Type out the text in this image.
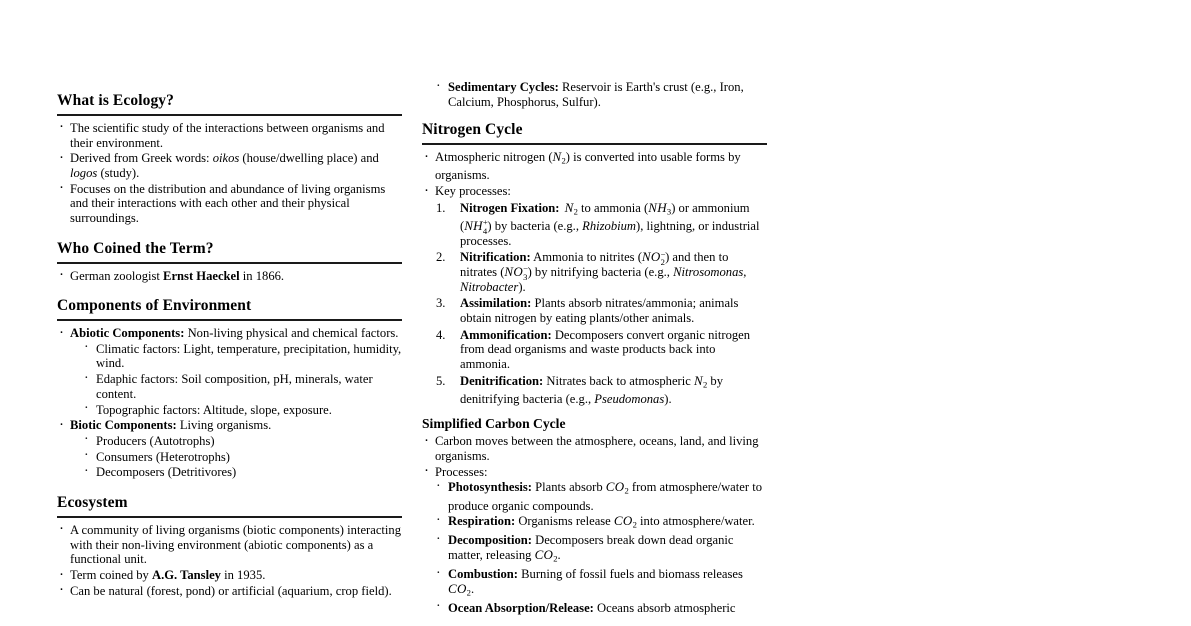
What is Ecology?
· The scientific study of the interactions between organisms and their environment.
· Derived from Greek words: oikos (house/dwelling place) and logos (study).
· Focuses on the distribution and abundance of living organisms and their interactions with each other and their physical surroundings.
Who Coined the Term?
· German zoologist Ernst Haeckel in 1866.
Components of Environment
· Abiotic Components: Non-living physical and chemical factors.
· Climatic factors: Light, temperature, precipitation, humidity, wind.
· Edaphic factors: Soil composition, pH, minerals, water content.
· Topographic factors: Altitude, slope, exposure.
· Biotic Components: Living organisms.
· Producers (Autotrophs)
· Consumers (Heterotrophs)
· Decomposers (Detritivores)
Ecosystem
· A community of living organisms (biotic components) interacting with their non-living environment (abiotic components) as a functional unit.
· Term coined by A.G. Tansley in 1935.
· Can be natural (forest, pond) or artificial (aquarium, crop field).
· Sedimentary Cycles: Reservoir is Earth's crust (e.g., Iron, Calcium, Phosphorus, Sulfur).
Nitrogen Cycle
· Atmospheric nitrogen $(N_2)$ is converted into usable forms by organisms.
· Key processes:
Nitrogen Fixation: $N_2$ to ammonia $(NH_3)$ or ammonium (NH +
4 ) by bacteria (e.g., Rhizobium), lightning, or industrial processes.
Nitrification: Ammonia to nitrites (NO −
2 ) and then to nitrates (NO −
3 ) by nitrifying bacteria (e.g., Nitrosomonas, Nitrobacter).
Assimilation: Plants absorb nitrates/ammonia; animals obtain nitrogen by eating plants/other animals.
Ammonification: Decomposers convert organic nitrogen from dead organisms and waste products back into ammonia.
Denitrification: Nitrates back to atmospheric $N_2$ by denitrifying bacteria (e.g., Pseudomonas).
Simplified Carbon Cycle
· Carbon moves between the atmosphere, oceans, land, and living organisms.
· Processes:
· Photosynthesis: Plants absorb $CO_2$ from atmosphere/water to produce organic compounds.
· Respiration: Organisms release $CO_2$ into atmosphere/water.
· Decomposition: Decomposers break down dead organic matter, releasing $CO_2$.
· Combustion: Burning of fossil fuels and biomass releases $CO_2$.
· Ocean Absorption/Release: Oceans absorb atmospheric
